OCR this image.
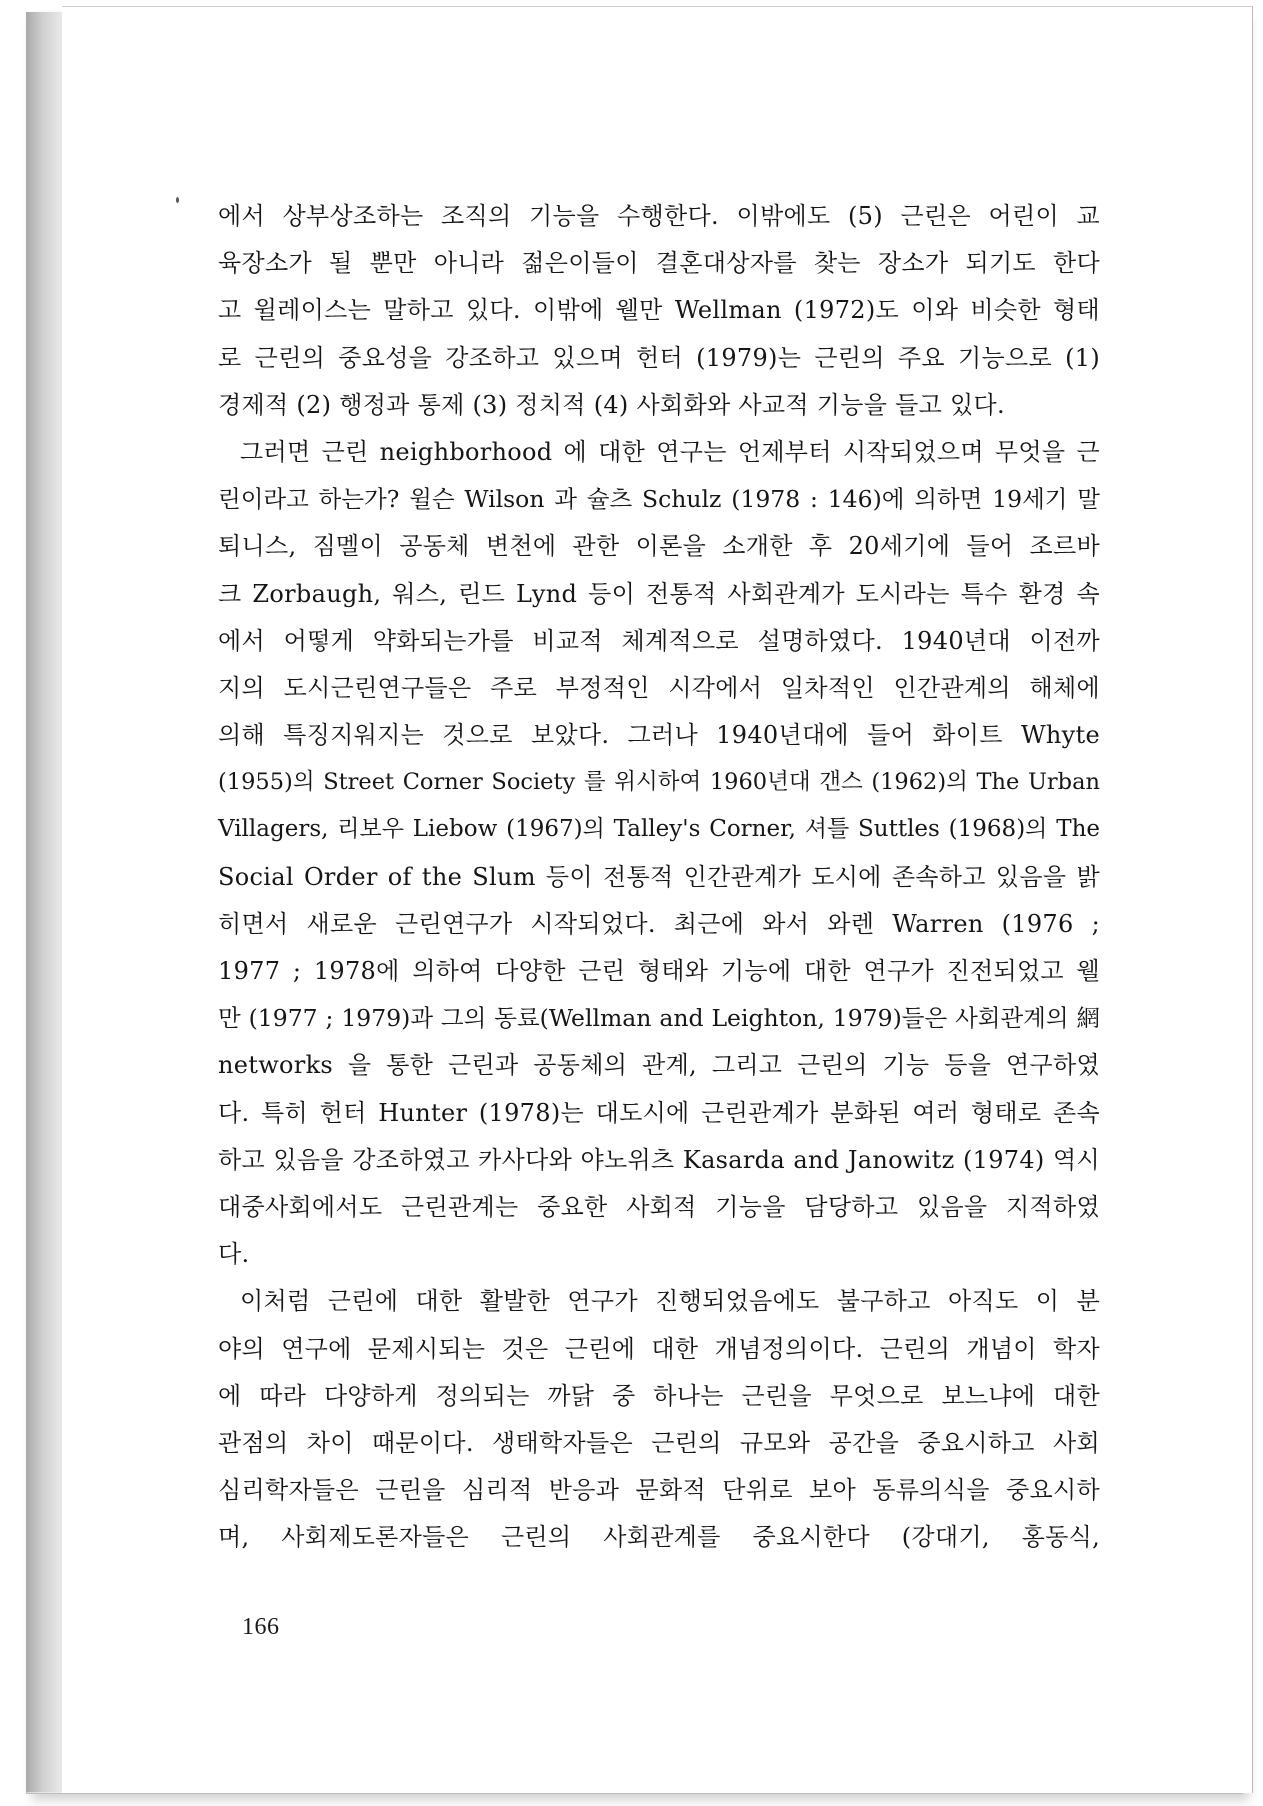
에서 상부상조하는 조직의 기능을 수행한다. 이밖에도 (5) 근린은 어린이 교
육장소가 될 뿐만 아니라 젊은이들이 결혼대상자를 찾는 장소가 되기도 한다
고 윌레이스는 말하고 있다. 이밖에 웰만 Wellman (1972)도 이와 비슷한 형태
로 근린의 중요성을 강조하고 있으며 헌터 (1979)는 근린의 주요 기능으로 (1)
경제적 (2) 행정과 통제 (3) 정치적 (4) 사회화와 사교적 기능을 들고 있다.
그러면 근린 neighborhood 에 대한 연구는 언제부터 시작되었으며 무엇을 근
린이라고 하는가? 윌슨 Wilson 과 슐츠 Schulz (1978 : 146)에 의하면 19세기 말
퇴니스, 짐멜이 공동체 변천에 관한 이론을 소개한 후 20세기에 들어 조르바
크 Zorbaugh, 워스, 린드 Lynd 등이 전통적 사회관계가 도시라는 특수 환경 속
에서 어떻게 약화되는가를 비교적 체계적으로 설명하였다. 1940년대 이전까
지의 도시근린연구들은 주로 부정적인 시각에서 일차적인 인간관계의 해체에
의해 특징지워지는 것으로 보았다. 그러나 1940년대에 들어 화이트 Whyte
(1955)의 Street Corner Society 를 위시하여 1960년대 갠스 (1962)의 The Urban
Villagers, 리보우 Liebow (1967)의 Talley's Corner, 셔틀 Suttles (1968)의 The
Social Order of the Slum 등이 전통적 인간관계가 도시에 존속하고 있음을 밝
히면서 새로운 근린연구가 시작되었다. 최근에 와서 와렌 Warren (1976 ;
1977 ; 1978에 의하여 다양한 근린 형태와 기능에 대한 연구가 진전되었고 웰
만 (1977 ; 1979)과 그의 동료(Wellman and Leighton, 1979)들은 사회관계의 網
networks 을 통한 근린과 공동체의 관계, 그리고 근린의 기능 등을 연구하였
다. 특히 헌터 Hunter (1978)는 대도시에 근린관계가 분화된 여러 형태로 존속
하고 있음을 강조하였고 카사다와 야노위츠 Kasarda and Janowitz (1974) 역시
대중사회에서도 근린관계는 중요한 사회적 기능을 담당하고 있음을 지적하였
다.
이처럼 근린에 대한 활발한 연구가 진행되었음에도 불구하고 아직도 이 분
야의 연구에 문제시되는 것은 근린에 대한 개념정의이다. 근린의 개념이 학자
에 따라 다양하게 정의되는 까닭 중 하나는 근린을 무엇으로 보느냐에 대한
관점의 차이 때문이다. 생태학자들은 근린의 규모와 공간을 중요시하고 사회
심리학자들은 근린을 심리적 반응과 문화적 단위로 보아 동류의식을 중요시하
며, 사회제도론자들은 근린의 사회관계를 중요시한다 (강대기, 홍동식,
166
